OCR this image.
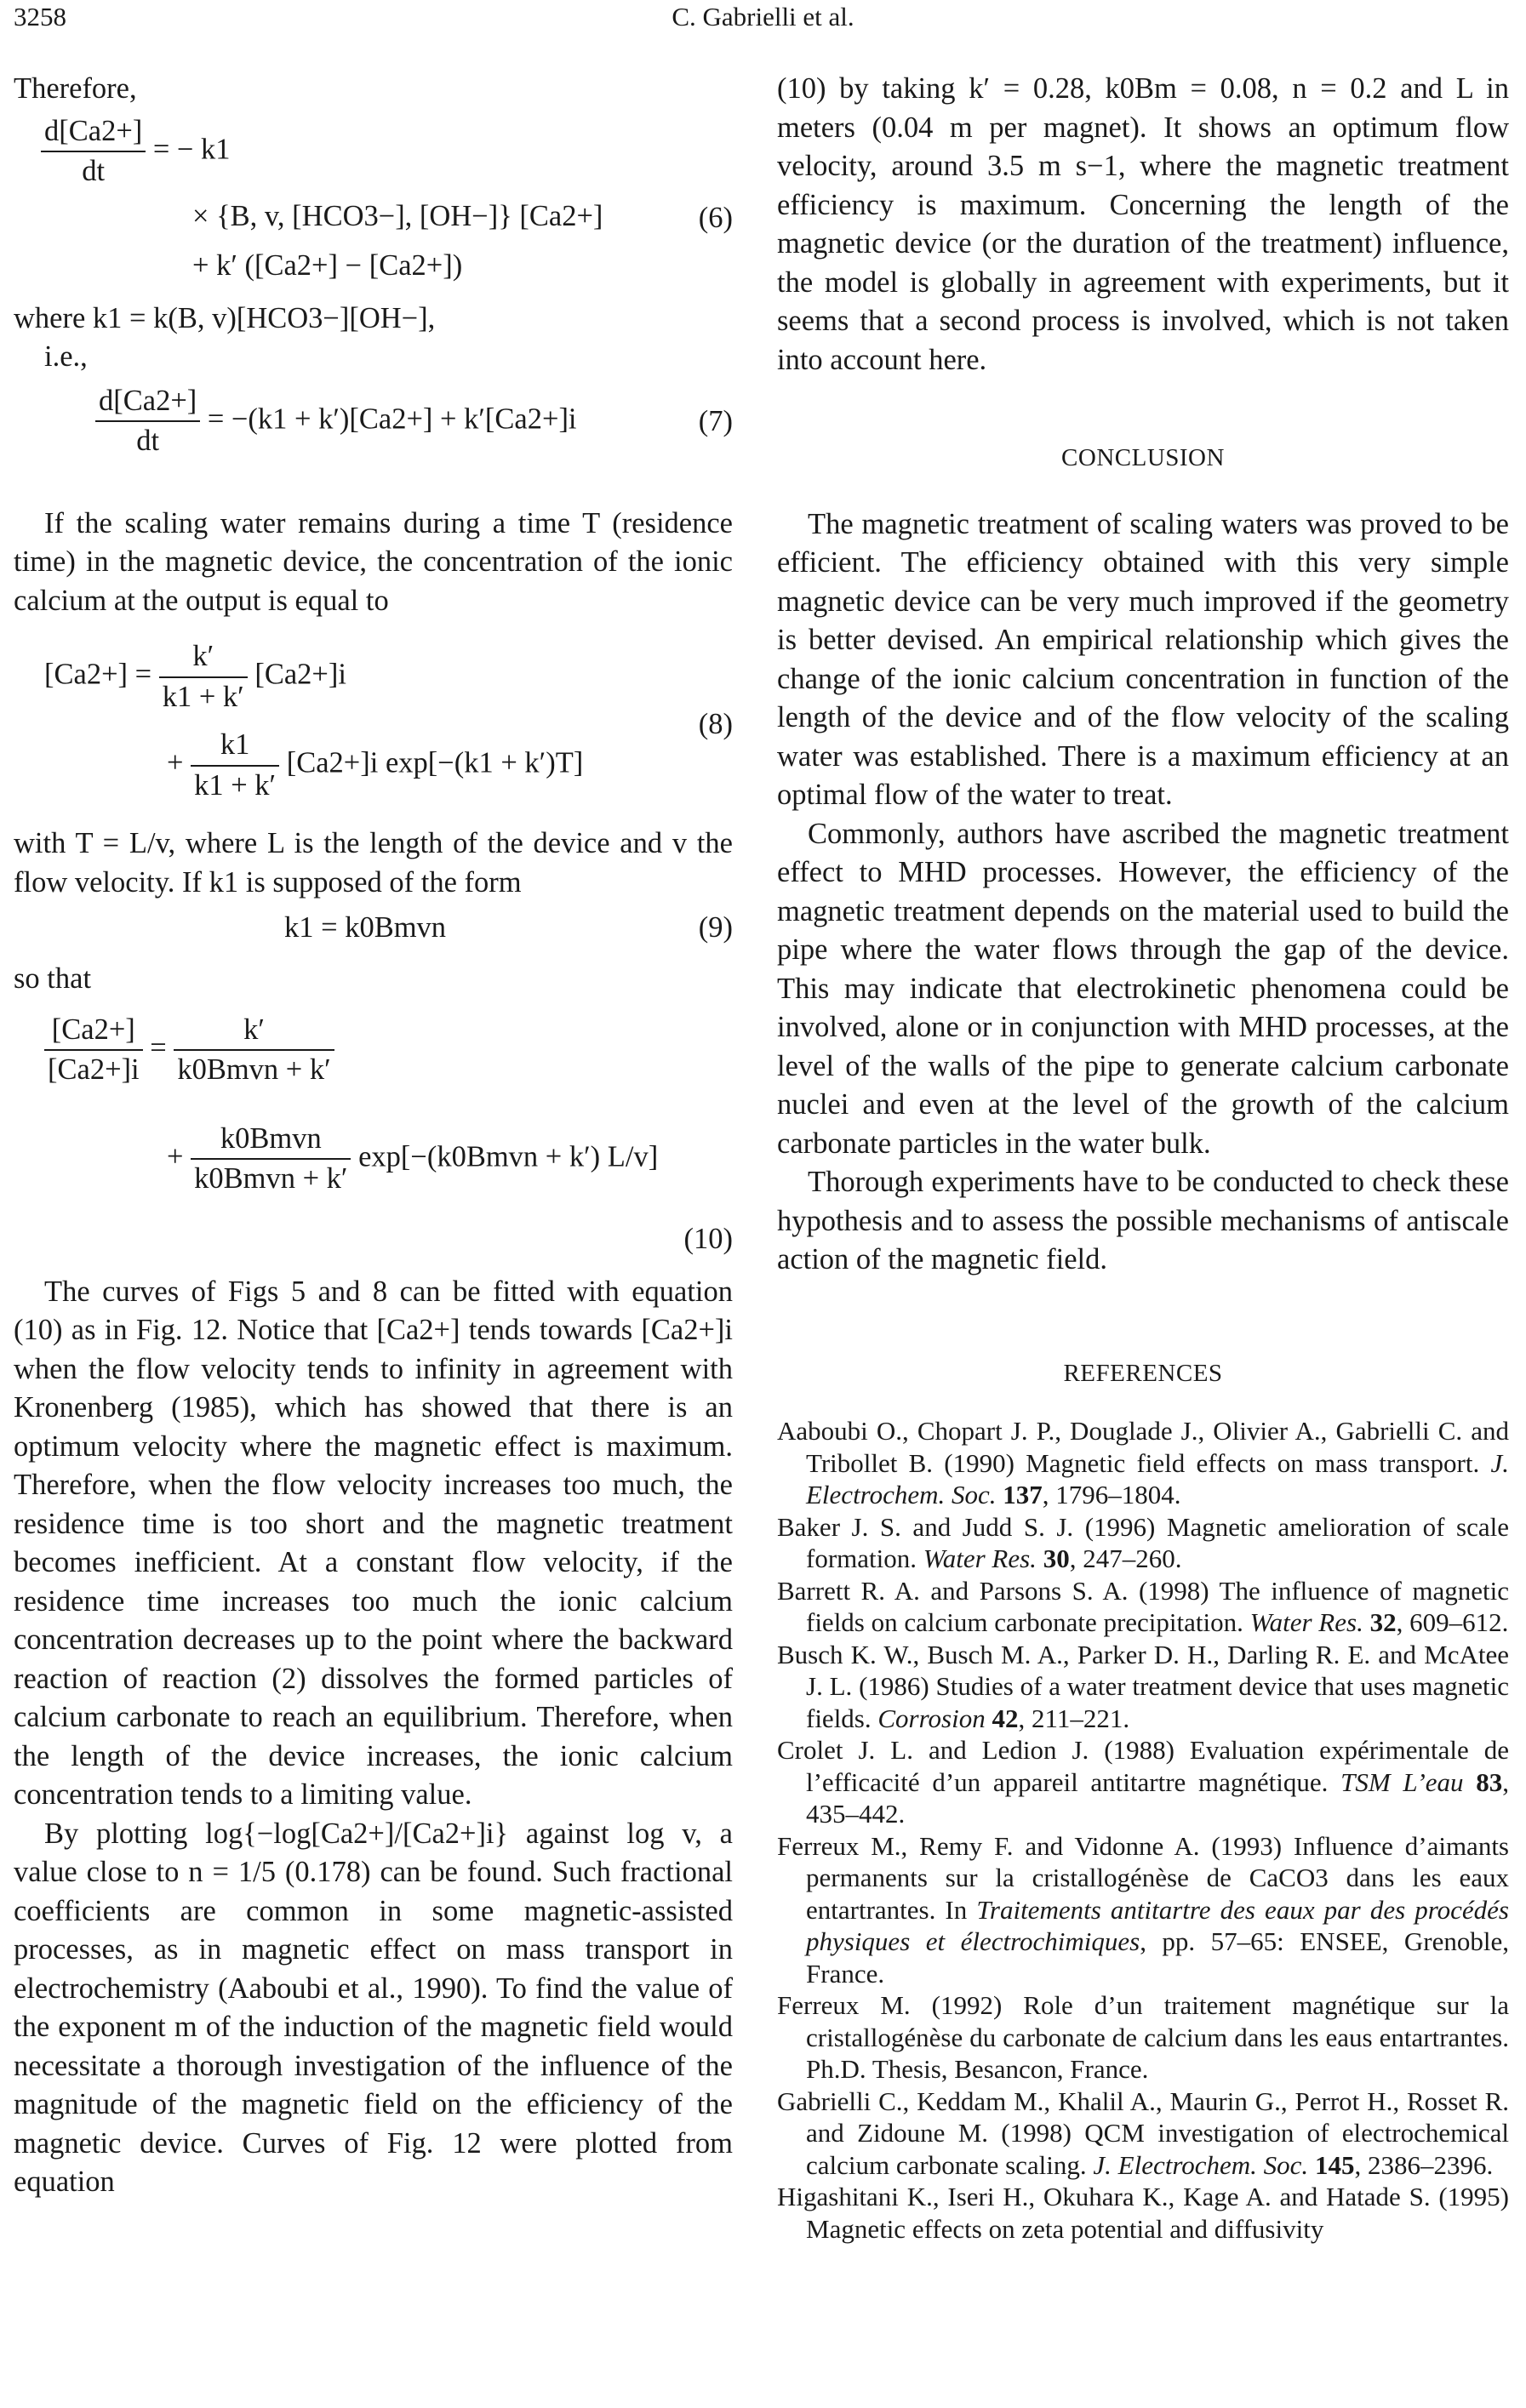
3258	C. Gabrielli et al.

Therefore,

$\frac{d[Ca2+]}{dt}$ = − k1
× {B, v, [HCO3−], [OH−]} [Ca2+]
+ k′ ([Ca2+] − [Ca2+])
(6)

where k1 = k(B, v)[HCO3−][OH−],

i.e.,

$\frac{d[Ca2+]}{dt} = -(k1 + k')[Ca2+] + k'[Ca2+]i$	(7)

If the scaling water remains during a time T (residence time) in the magnetic device, the concentration of the ionic calcium at the output is equal to

$[Ca2+] = \frac{k'}{k1 + k'} [Ca2+]i$
+ $\frac{k1}{k1 + k'} [Ca2+]i$ exp[−(k1 + k′)T]
(8)

with T = L/v, where L is the length of the device and v the flow velocity. If k1 is supposed of the form

k1 = k0Bmvn	(9)

so that

$\frac{[Ca2+]}{[Ca2+]i} = \frac{k'}{\text{k0Bmvn + k′}}$
+ $\frac{\text{k0Bmvn}}{\text{k0Bmvn + k′}}$ exp[−(k0Bmvn + k′) L/v]
(10)

The curves of Figs 5 and 8 can be fitted with equation (10) as in Fig. 12. Notice that [Ca2+] tends towards [Ca2+]i when the flow velocity tends to infinity in agreement with Kronenberg (1985), which has showed that there is an optimum velocity where the magnetic effect is maximum. Therefore, when the flow velocity increases too much, the residence time is too short and the magnetic treatment becomes inefficient. At a constant flow velocity, if the residence time increases too much the ionic calcium concentration decreases up to the point where the backward reaction of reaction (2) dissolves the formed particles of calcium carbonate to reach an equilibrium. Therefore, when the length of the device increases, the ionic calcium concentration tends to a limiting value.

By plotting log{−log[Ca2+]/[Ca2+]i} against log v, a value close to n = 1/5 (0.178) can be found. Such fractional coefficients are common in some magnetic-assisted processes, as in magnetic effect on mass transport in electrochemistry (Aaboubi et al., 1990). To find the value of the exponent m of the induction of the magnetic field would necessitate a thorough investigation of the influence of the magnitude of the magnetic field on the efficiency of the magnetic device. Curves of Fig. 12 were plotted from equation

(10) by taking k′ = 0.28, k0Bm = 0.08, n = 0.2 and L in meters (0.04 m per magnet). It shows an optimum flow velocity, around 3.5 m s−1, where the magnetic treatment efficiency is maximum. Concerning the length of the magnetic device (or the duration of the treatment) influence, the model is globally in agreement with experiments, but it seems that a second process is involved, which is not taken into account here.

CONCLUSION

The magnetic treatment of scaling waters was proved to be efficient. The efficiency obtained with this very simple magnetic device can be very much improved if the geometry is better devised. An empirical relationship which gives the change of the ionic calcium concentration in function of the length of the device and of the flow velocity of the scaling water was established. There is a maximum efficiency at an optimal flow of the water to treat.

Commonly, authors have ascribed the magnetic treatment effect to MHD processes. However, the efficiency of the magnetic treatment depends on the material used to build the pipe where the water flows through the gap of the device. This may indicate that electrokinetic phenomena could be involved, alone or in conjunction with MHD processes, at the level of the walls of the pipe to generate calcium carbonate nuclei and even at the level of the growth of the calcium carbonate particles in the water bulk.

Thorough experiments have to be conducted to check these hypothesis and to assess the possible mechanisms of antiscale action of the magnetic field.

REFERENCES

Aaboubi O., Chopart J. P., Douglade J., Olivier A., Gabrielli C. and Tribollet B. (1990) Magnetic field effects on mass transport. J. Electrochem. Soc. 137, 1796–1804.

Baker J. S. and Judd S. J. (1996) Magnetic amelioration of scale formation. Water Res. 30, 247–260.

Barrett R. A. and Parsons S. A. (1998) The influence of magnetic fields on calcium carbonate precipitation. Water Res. 32, 609–612.

Busch K. W., Busch M. A., Parker D. H., Darling R. E. and McAtee J. L. (1986) Studies of a water treatment device that uses magnetic fields. Corrosion 42, 211–221.

Crolet J. L. and Ledion J. (1988) Evaluation expérimentale de l’efficacité d’un appareil antitartre magnétique. TSM L’eau 83, 435–442.

Ferreux M., Remy F. and Vidonne A. (1993) Influence d’aimants permanents sur la cristallogénèse de CaCO3 dans les eaux entartrantes. In Traitements antitartre des eaux par des procédés physiques et électrochimiques, pp. 57–65: ENSEE, Grenoble, France.

Ferreux M. (1992) Role d’un traitement magnétique sur la cristallogénèse du carbonate de calcium dans les eaus entartrantes. Ph.D. Thesis, Besancon, France.

Gabrielli C., Keddam M., Khalil A., Maurin G., Perrot H., Rosset R. and Zidoune M. (1998) QCM investigation of electrochemical calcium carbonate scaling. J. Electrochem. Soc. 145, 2386–2396.

Higashitani K., Iseri H., Okuhara K., Kage A. and Hatade S. (1995) Magnetic effects on zeta potential and diffusivity
